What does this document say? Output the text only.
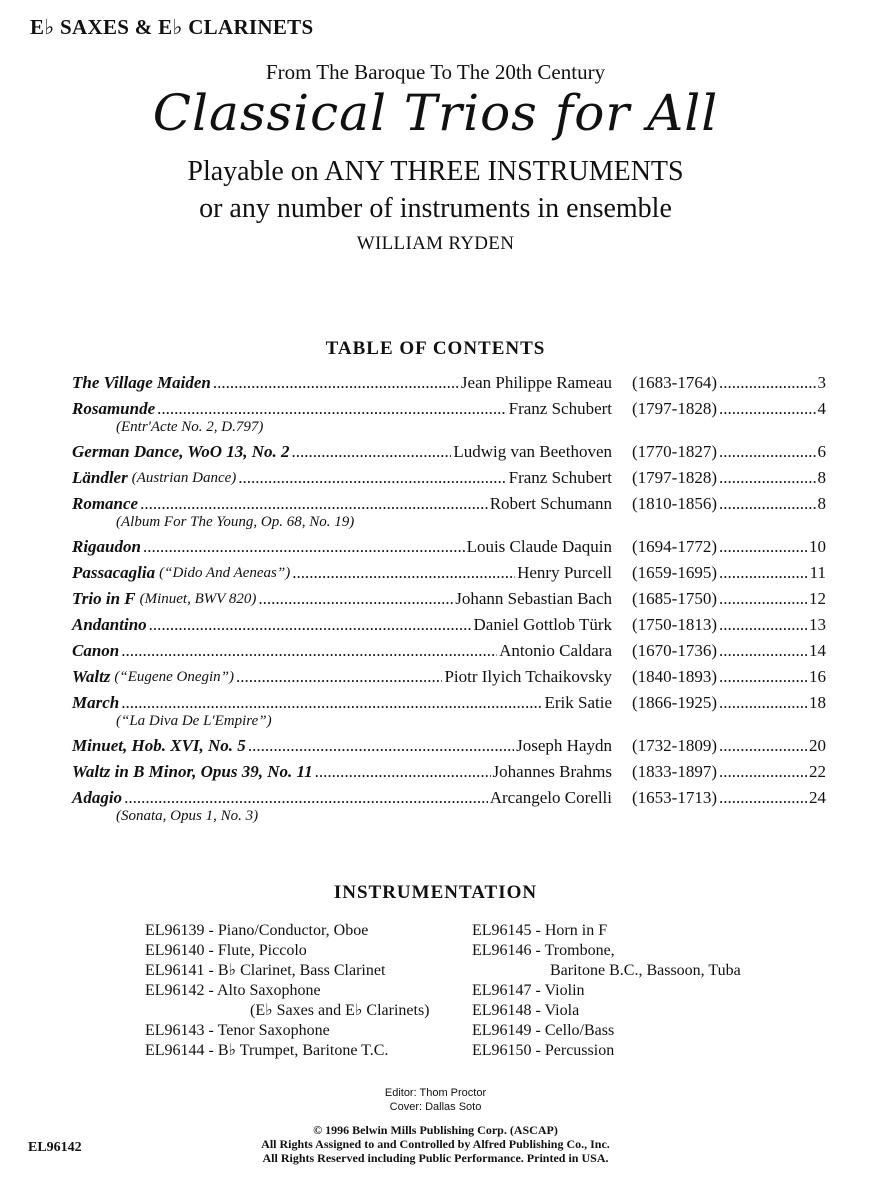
E♭ SAXES & E♭ CLARINETS
From The Baroque To The 20th Century
Classical Trios for All
Playable on ANY THREE INSTRUMENTS
or any number of instruments in ensemble
WILLIAM RYDEN
TABLE OF CONTENTS
The Village Maiden .....	Jean Philippe Rameau (1683-1764) .....	3
Rosamunde .....	Franz Schubert (1797-1828) .....	4
(Entr'Acte No. 2, D.797)
German Dance, WoO 13, No. 2 .....	Ludwig van Beethoven (1770-1827) .....	6
Ländler (Austrian Dance) .....	Franz Schubert (1797-1828) .....	8
Romance .....	Robert Schumann (1810-1856) .....	8
(Album For The Young, Op. 68, No. 19)
Rigaudon .....	Louis Claude Daquin (1694-1772) .....	10
Passacaglia (“Dido And Aeneas”) .....	Henry Purcell (1659-1695) .....	11
Trio in F (Minuet, BWV 820) .....	Johann Sebastian Bach (1685-1750) .....	12
Andantino .....	Daniel Gottlob Türk (1750-1813) .....	13
Canon .....	Antonio Caldara (1670-1736) .....	14
Waltz (“Eugene Onegin”) .....	Piotr Ilyich Tchaikovsky (1840-1893) .....	16
March .....	Erik Satie (1866-1925) .....	18
(“La Diva De L'Empire”)
Minuet, Hob. XVI, No. 5 .....	Joseph Haydn (1732-1809) .....	20
Waltz in B Minor, Opus 39, No. 11 .....	Johannes Brahms (1833-1897) .....	22
Adagio .....	Arcangelo Corelli (1653-1713) .....	24
(Sonata, Opus 1, No. 3)
INSTRUMENTATION
EL96139 - Piano/Conductor, Oboe
EL96140 - Flute, Piccolo
EL96141 - B♭ Clarinet, Bass Clarinet
EL96142 - Alto Saxophone
(E♭ Saxes and E♭ Clarinets)
EL96143 - Tenor Saxophone
EL96144 - B♭ Trumpet, Baritone T.C.
EL96145 - Horn in F
EL96146 - Trombone,
Baritone B.C., Bassoon, Tuba
EL96147 - Violin
EL96148 - Viola
EL96149 - Cello/Bass
EL96150 - Percussion
Editor: Thom Proctor
Cover: Dallas Soto
© 1996 Belwin Mills Publishing Corp. (ASCAP)
All Rights Assigned to and Controlled by Alfred Publishing Co., Inc.
All Rights Reserved including Public Performance. Printed in USA.
EL96142
